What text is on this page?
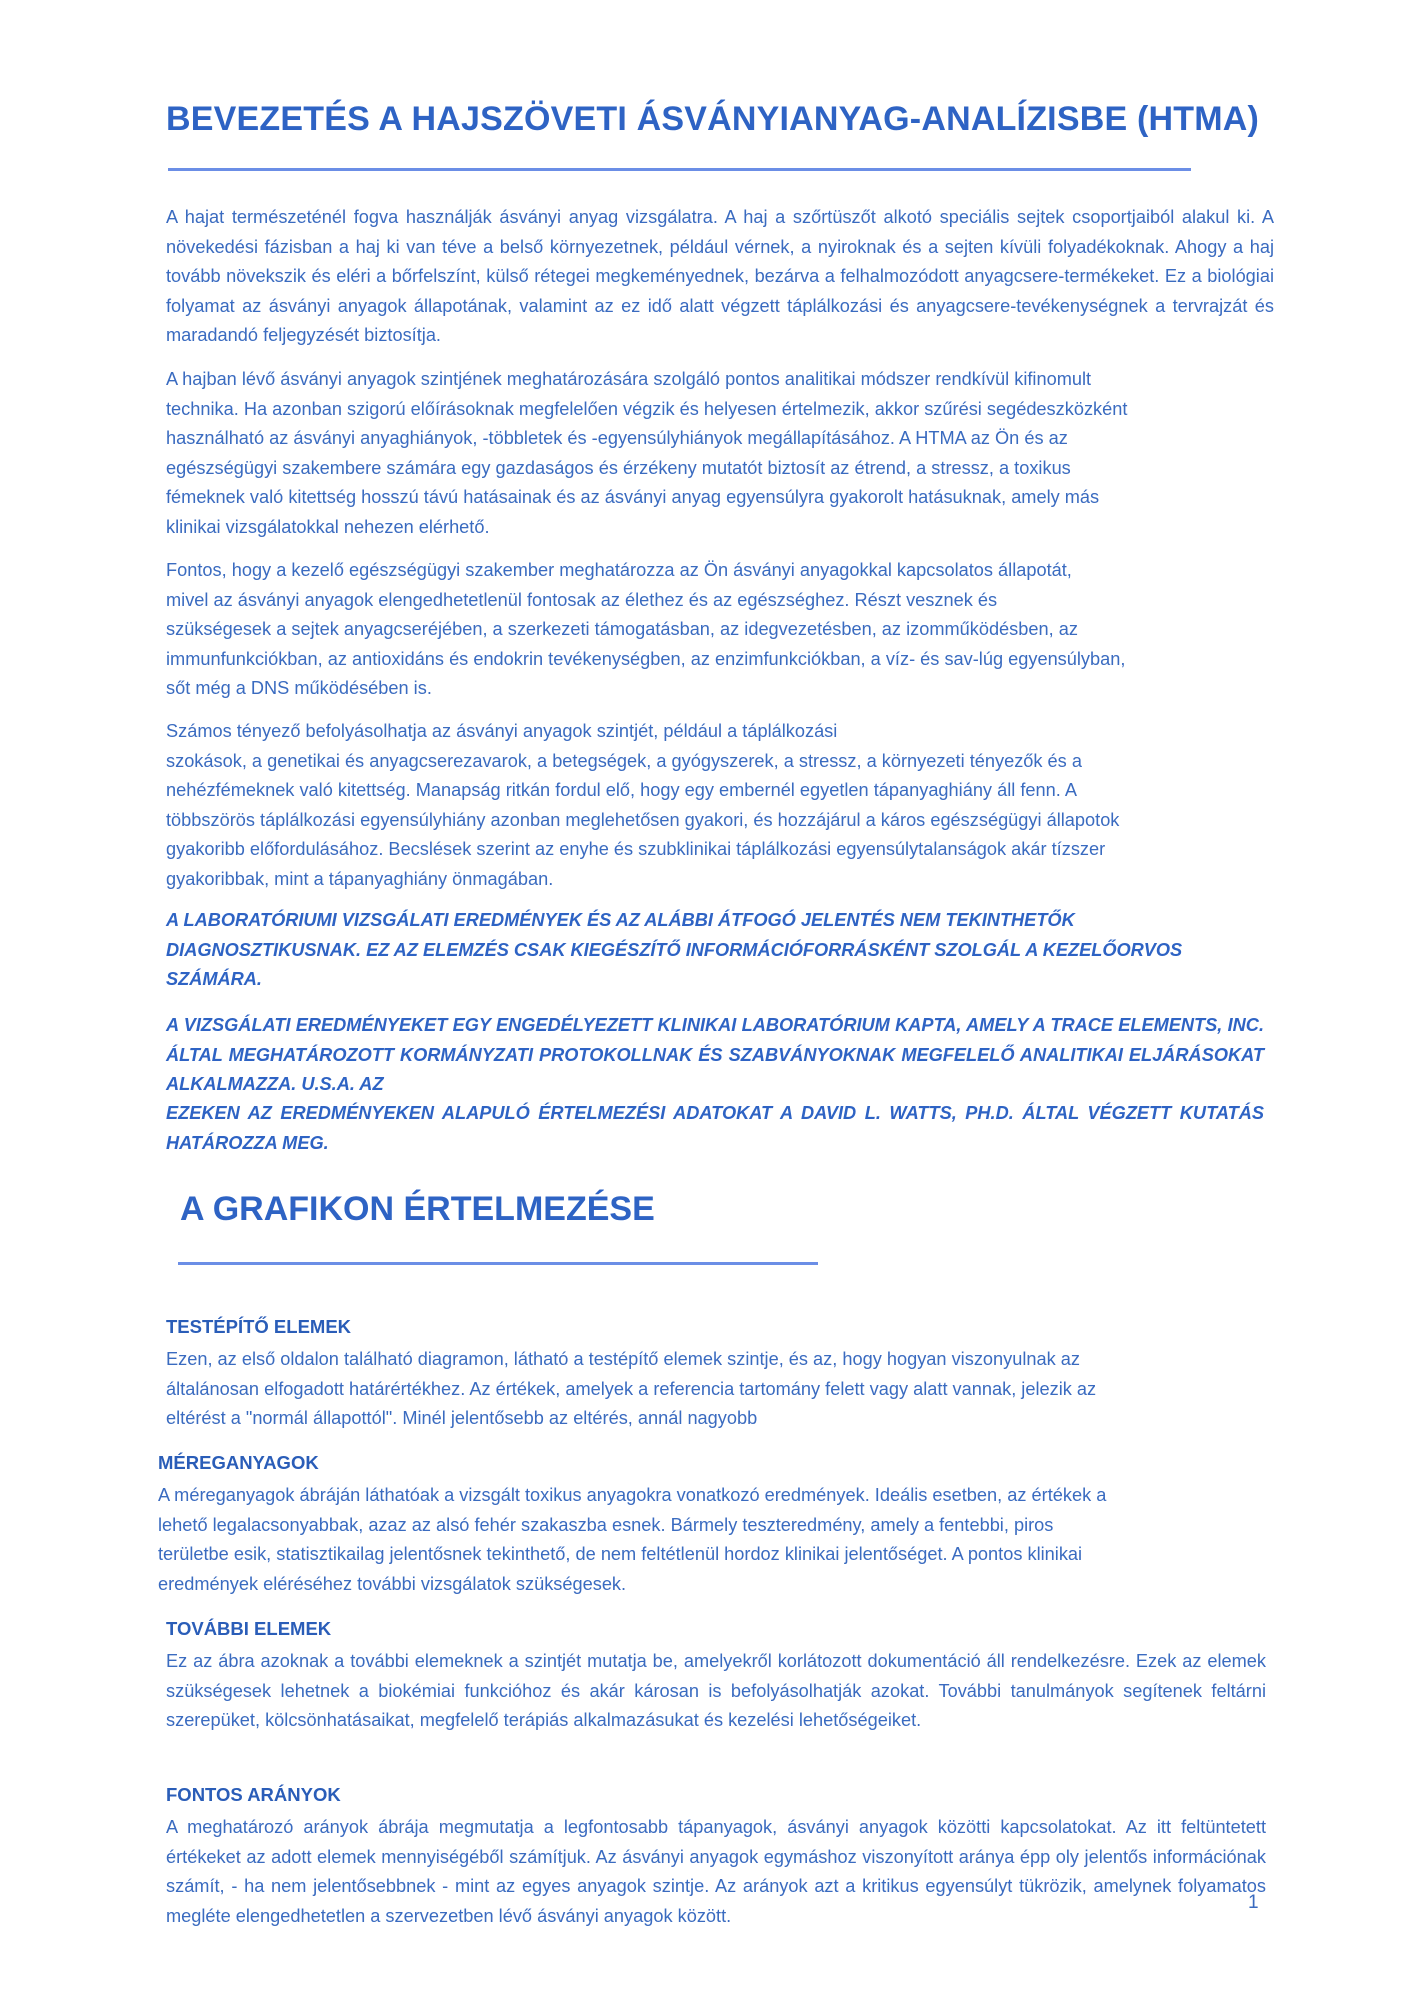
BEVEZETÉS A HAJSZÖVETI ÁSVÁNYIANYAG-ANALÍZISBE (HTMA)

A hajat természeténél fogva használják ásványi anyag vizsgálatra. A haj a szőrtüszőt alkotó speciális sejtek csoportjaiból alakul ki. A növekedési fázisban a haj ki van téve a belső környezetnek, például vérnek, a nyiroknak és a sejten kívüli folyadékoknak. Ahogy a haj tovább növekszik és eléri a bőrfelszínt, külső rétegei megkeményednek, bezárva a felhalmozódott anyagcsere-termékeket. Ez a biológiai folyamat az ásványi anyagok állapotának, valamint az ez idő alatt végzett táplálkozási és anyagcsere-tevékenységnek a tervrajzát és maradandó feljegyzését biztosítja.

A hajban lévő ásványi anyagok szintjének meghatározására szolgáló pontos analitikai módszer rendkívül kifinomult
technika. Ha azonban szigorú előírásoknak megfelelően végzik és helyesen értelmezik, akkor szűrési segédeszközként
használható az ásványi anyaghiányok, -többletek és -egyensúlyhiányok megállapításához. A HTMA az Ön és az
egészségügyi szakembere számára egy gazdaságos és érzékeny mutatót biztosít az étrend, a stressz, a toxikus
fémeknek való kitettség hosszú távú hatásainak és az ásványi anyag egyensúlyra gyakorolt hatásuknak, amely más
klinikai vizsgálatokkal nehezen elérhető.

Fontos, hogy a kezelő egészségügyi szakember meghatározza az Ön ásványi anyagokkal kapcsolatos állapotát,
mivel az ásványi anyagok elengedhetetlenül fontosak az élethez és az egészséghez. Részt vesznek és
szükségesek a sejtek anyagcseréjében, a szerkezeti támogatásban, az idegvezetésben, az izomműködésben, az
immunfunkciókban, az antioxidáns és endokrin tevékenységben, az enzimfunkciókban, a víz- és sav-lúg egyensúlyban,
sőt még a DNS működésében is.

Számos tényező befolyásolhatja az ásványi anyagok szintjét, például a táplálkozási
szokások, a genetikai és anyagcserezavarok, a betegségek, a gyógyszerek, a stressz, a környezeti tényezők és a
nehézfémeknek való kitettség. Manapság ritkán fordul elő, hogy egy embernél egyetlen tápanyaghiány áll fenn. A
többszörös táplálkozási egyensúlyhiány azonban meglehetősen gyakori, és hozzájárul a káros egészségügyi állapotok
gyakoribb előfordulásához. Becslések szerint az enyhe és szubklinikai táplálkozási egyensúlytalanságok akár tízszer
gyakoribbak, mint a tápanyaghiány önmagában.

A LABORATÓRIUMI VIZSGÁLATI EREDMÉNYEK ÉS AZ ALÁBBI ÁTFOGÓ JELENTÉS NEM TEKINTHETŐK
DIAGNOSZTIKUSNAK. EZ AZ ELEMZÉS CSAK KIEGÉSZÍTŐ INFORMÁCIÓFORRÁSKÉNT SZOLGÁL A KEZELŐORVOS
SZÁMÁRA.

A VIZSGÁLATI EREDMÉNYEKET EGY ENGEDÉLYEZETT KLINIKAI LABORATÓRIUM KAPTA, AMELY A TRACE ELEMENTS, INC. ÁLTAL MEGHATÁROZOTT KORMÁNYZATI PROTOKOLLNAK ÉS SZABVÁNYOKNAK MEGFELELŐ ANALITIKAI ELJÁRÁSOKAT ALKALMAZZA. U.S.A. AZ

EZEKEN AZ EREDMÉNYEKEN ALAPULÓ ÉRTELMEZÉSI ADATOKAT A DAVID L. WATTS, PH.D. ÁLTAL VÉGZETT KUTATÁS HATÁROZZA MEG.

A GRAFIKON ÉRTELMEZÉSE
TESTÉPÍTŐ ELEMEK

Ezen, az első oldalon található diagramon, látható a testépítő elemek szintje, és az, hogy hogyan viszonyulnak az
általánosan elfogadott határértékhez. Az értékek, amelyek a referencia tartomány felett vagy alatt vannak, jelezik az
eltérést a "normál állapottól". Minél jelentősebb az eltérés, annál nagyobb

MÉREGANYAGOK

A méreganyagok ábráján láthatóak a vizsgált toxikus anyagokra vonatkozó eredmények. Ideális esetben, az értékek a
lehető legalacsonyabbak, azaz az alsó fehér szakaszba esnek. Bármely teszteredmény, amely a fentebbi, piros
területbe esik, statisztikailag jelentősnek tekinthető, de nem feltétlenül hordoz klinikai jelentőséget. A pontos klinikai
eredmények eléréséhez további vizsgálatok szükségesek.

TOVÁBBI ELEMEK

Ez az ábra azoknak a további elemeknek a szintjét mutatja be, amelyekről korlátozott dokumentáció áll rendelkezésre. Ezek az elemek szükségesek lehetnek a biokémiai funkcióhoz és akár károsan is befolyásolhatják azokat. További tanulmányok segítenek feltárni szerepüket, kölcsönhatásaikat, megfelelő terápiás alkalmazásukat és kezelési lehetőségeiket.

FONTOS ARÁNYOK

A meghatározó arányok ábrája megmutatja a legfontosabb tápanyagok, ásványi anyagok közötti kapcsolatokat. Az itt feltüntetett értékeket az adott elemek mennyiségéből számítjuk. Az ásványi anyagok egymáshoz viszonyított aránya épp oly jelentős információnak számít, - ha nem jelentősebbnek - mint az egyes anyagok szintje. Az arányok azt a kritikus egyensúlyt tükrözik, amelynek folyamatos megléte elengedhetetlen a szervezetben lévő ásványi anyagok között.

1
